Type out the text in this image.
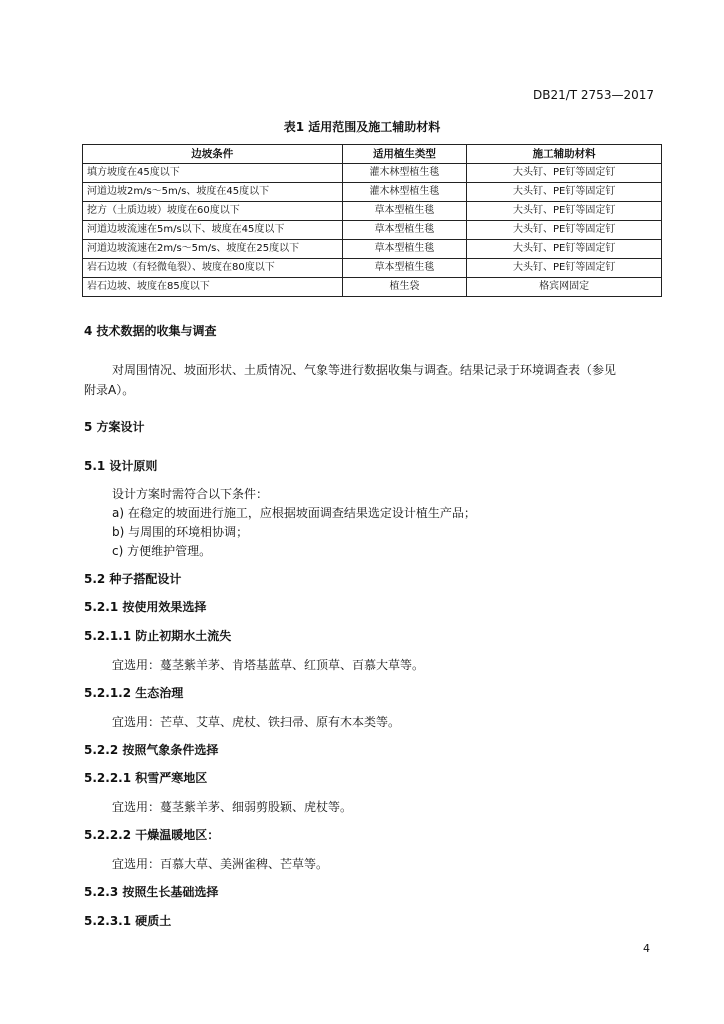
DB21/T 2753—2017
表1 适用范围及施工辅助材料
边坡条件	适用植生类型	施工辅助材料
填方坡度在45度以下	灌木林型植生毯	大头钉、PE钉等固定钉
河道边坡2m/s～5m/s、坡度在45度以下	灌木林型植生毯	大头钉、PE钉等固定钉
挖方（土质边坡）坡度在60度以下	草本型植生毯	大头钉、PE钉等固定钉
河道边坡流速在5m/s以下、坡度在45度以下	草本型植生毯	大头钉、PE钉等固定钉
河道边坡流速在2m/s～5m/s、坡度在25度以下	草本型植生毯	大头钉、PE钉等固定钉
岩石边坡（有轻微龟裂）、坡度在80度以下	草本型植生毯	大头钉、PE钉等固定钉
岩石边坡、坡度在85度以下	植生袋	格宾网固定
4 技术数据的收集与调查
对周围情况、坡面形状、土质情况、气象等进行数据收集与调查。结果记录于环境调查表（参见
附录A）。
5 方案设计
5.1 设计原则
设计方案时需符合以下条件：
a) 在稳定的坡面进行施工，应根据坡面调查结果选定设计植生产品；
b) 与周围的环境相协调；
c) 方便维护管理。
5.2 种子搭配设计
5.2.1 按使用效果选择
5.2.1.1 防止初期水土流失
宜选用：蔓茎紫羊茅、肯塔基蓝草、红顶草、百慕大草等。
5.2.1.2 生态治理
宜选用：芒草、艾草、虎杖、铁扫帚、原有木本类等。
5.2.2 按照气象条件选择
5.2.2.1 积雪严寒地区
宜选用：蔓茎紫羊茅、细弱剪股颖、虎杖等。
5.2.2.2 干燥温暖地区：
宜选用：百慕大草、美洲雀稗、芒草等。
5.2.3 按照生长基础选择
5.2.3.1 硬质土
4
